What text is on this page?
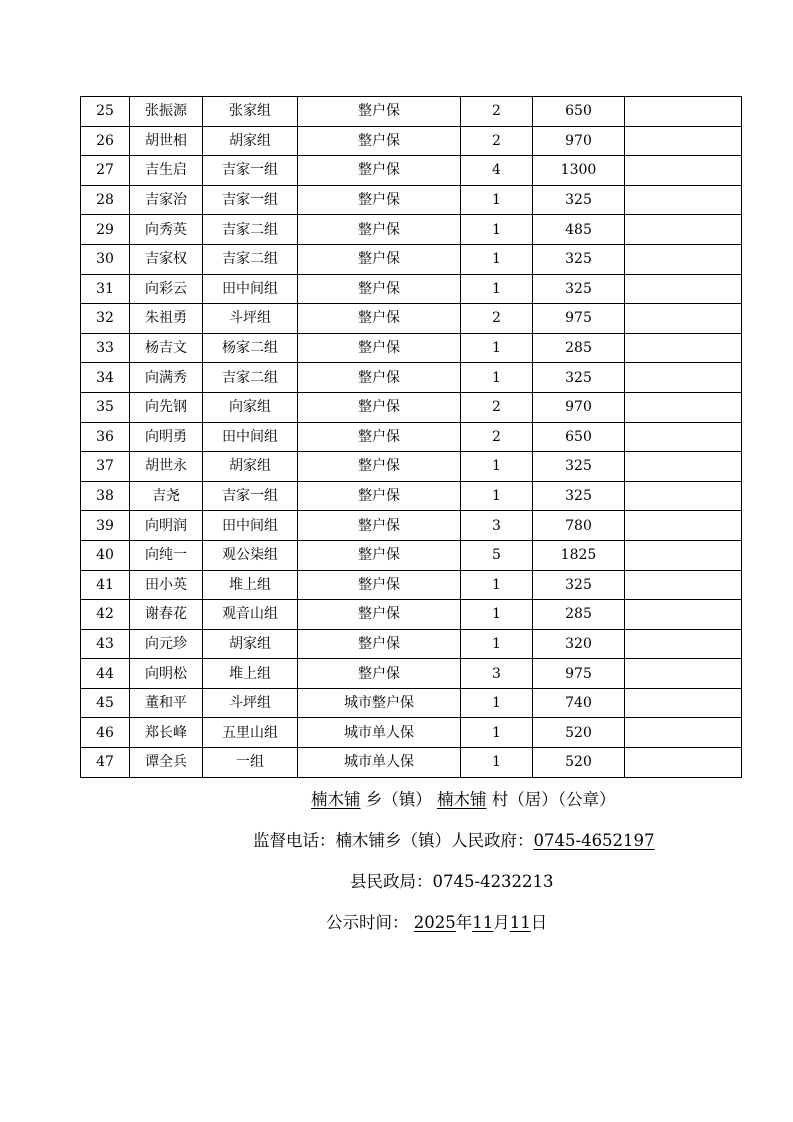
25	张振源	张家组	整户保	2	650	
26	胡世相	胡家组	整户保	2	970	
27	吉生启	吉家一组	整户保	4	1300	
28	吉家治	吉家一组	整户保	1	325	
29	向秀英	吉家二组	整户保	1	485	
30	吉家权	吉家二组	整户保	1	325	
31	向彩云	田中间组	整户保	1	325	
32	朱祖勇	斗坪组	整户保	2	975	
33	杨吉文	杨家二组	整户保	1	285	
34	向满秀	吉家二组	整户保	1	325	
35	向先钢	向家组	整户保	2	970	
36	向明勇	田中间组	整户保	2	650	
37	胡世永	胡家组	整户保	1	325	
38	吉尧	吉家一组	整户保	1	325	
39	向明润	田中间组	整户保	3	780	
40	向纯一	观公柒组	整户保	5	1825	
41	田小英	堆上组	整户保	1	325	
42	谢春花	观音山组	整户保	1	285	
43	向元珍	胡家组	整户保	1	320	
44	向明松	堆上组	整户保	3	975	
45	董和平	斗坪组	城市整户保	1	740	
46	郑长峰	五里山组	城市单人保	1	520	
47	谭全兵	一组	城市单人保	1	520	
楠木铺 乡（镇） 楠木铺 村（居）（公章）
监督电话：楠木铺乡（镇）人民政府：0745-4652197
县民政局：0745-4232213
公示时间： 2025年11月11日
